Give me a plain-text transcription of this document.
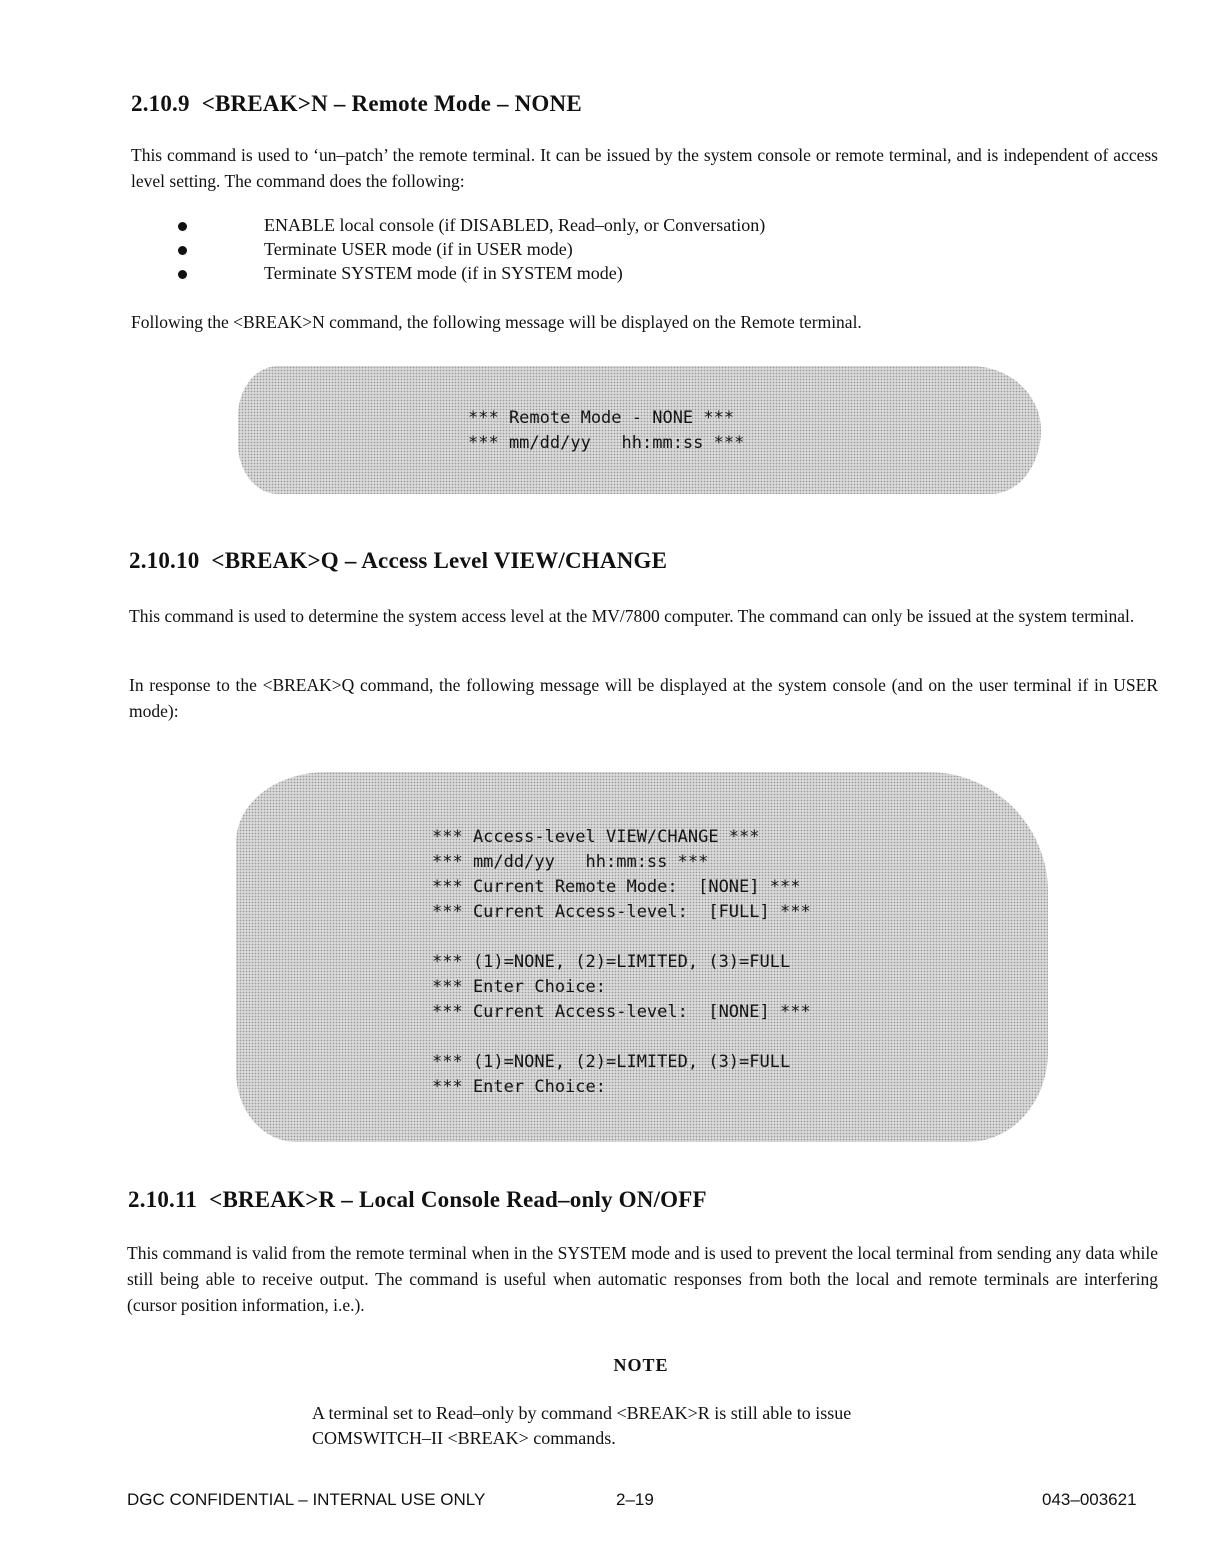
2.10.9 <BREAK>N – Remote Mode – NONE

This command is used to ‘un–patch’ the remote terminal. It can be issued by the system console or remote terminal, and is independent of access level setting. The command does the following:

ENABLE local console (if DISABLED, Read–only, or Conversation)
Terminate USER mode (if in USER mode)
Terminate SYSTEM mode (if in SYSTEM mode)

Following the <BREAK>N command, the following message will be displayed on the Remote terminal.

*** Remote Mode - NONE ***
*** mm/dd/yy   hh:mm:ss ***
2.10.10 <BREAK>Q – Access Level VIEW/CHANGE

This command is used to determine the system access level at the MV/7800 computer. The command can only be issued at the system terminal.

In response to the <BREAK>Q command, the following message will be displayed at the system console (and on the user terminal if in USER mode):

*** Access-level VIEW/CHANGE ***
*** mm/dd/yy   hh:mm:ss ***
*** Current Remote Mode:  [NONE] ***
*** Current Access-level:  [FULL] ***
*** (1)=NONE, (2)=LIMITED, (3)=FULL
*** Enter Choice:
*** Current Access-level:  [NONE] ***
*** (1)=NONE, (2)=LIMITED, (3)=FULL
*** Enter Choice:
2.10.11 <BREAK>R – Local Console Read–only ON/OFF

This command is valid from the remote terminal when in the SYSTEM mode and is used to prevent the local terminal from sending any data while still being able to receive output. The command is useful when automatic responses from both the local and remote terminals are interfering (cursor position information, i.e.).

NOTE
A terminal set to Read–only by command <BREAK>R is still able to issue
COMSWITCH–II <BREAK> commands.
DGC CONFIDENTIAL – INTERNAL USE ONLY	2–19	043–003621
